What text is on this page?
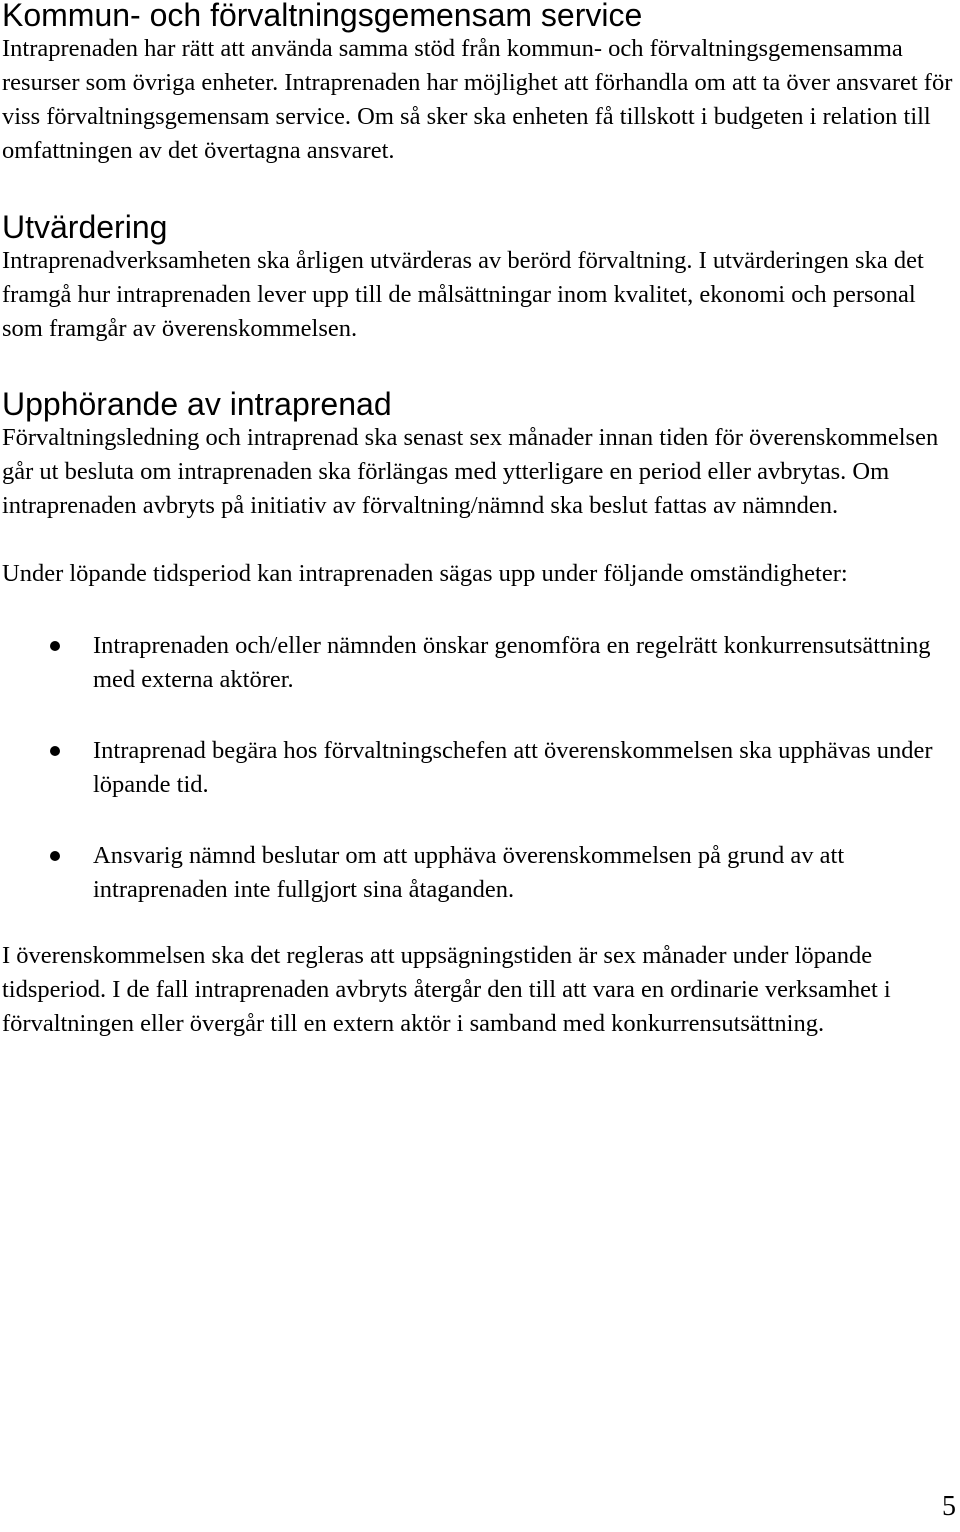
Kommun- och förvaltningsgemensam service

Intraprenaden har rätt att använda samma stöd från kommun- och förvaltningsgemensamma resurser som övriga enheter. Intraprenaden har möjlighet att förhandla om att ta över ansvaret för viss förvaltningsgemensam service. Om så sker ska enheten få tillskott i budgeten i relation till omfattningen av det övertagna ansvaret.

Utvärdering

Intraprenadverksamheten ska årligen utvärderas av berörd förvaltning. I utvärderingen ska det framgå hur intraprenaden lever upp till de målsättningar inom kvalitet, ekonomi och personal som framgår av överenskommelsen.

Upphörande av intraprenad

Förvaltningsledning och intraprenad ska senast sex månader innan tiden för överenskommelsen går ut besluta om intraprenaden ska förlängas med ytterligare en period eller avbrytas. Om intraprenaden avbryts på initiativ av förvaltning/nämnd ska beslut fattas av nämnden.

Under löpande tidsperiod kan intraprenaden sägas upp under följande omständigheter:

Intraprenaden och/eller nämnden önskar genomföra en regelrätt konkurrensutsättning med externa aktörer.
Intraprenad begära hos förvaltningschefen att överenskommelsen ska upphävas under löpande tid.
Ansvarig nämnd beslutar om att upphäva överenskommelsen på grund av att intraprenaden inte fullgjort sina åtaganden.

I överenskommelsen ska det regleras att uppsägningstiden är sex månader under löpande tidsperiod. I de fall intraprenaden avbryts återgår den till att vara en ordinarie verksamhet i förvaltningen eller övergår till en extern aktör i samband med konkurrensutsättning.

5
